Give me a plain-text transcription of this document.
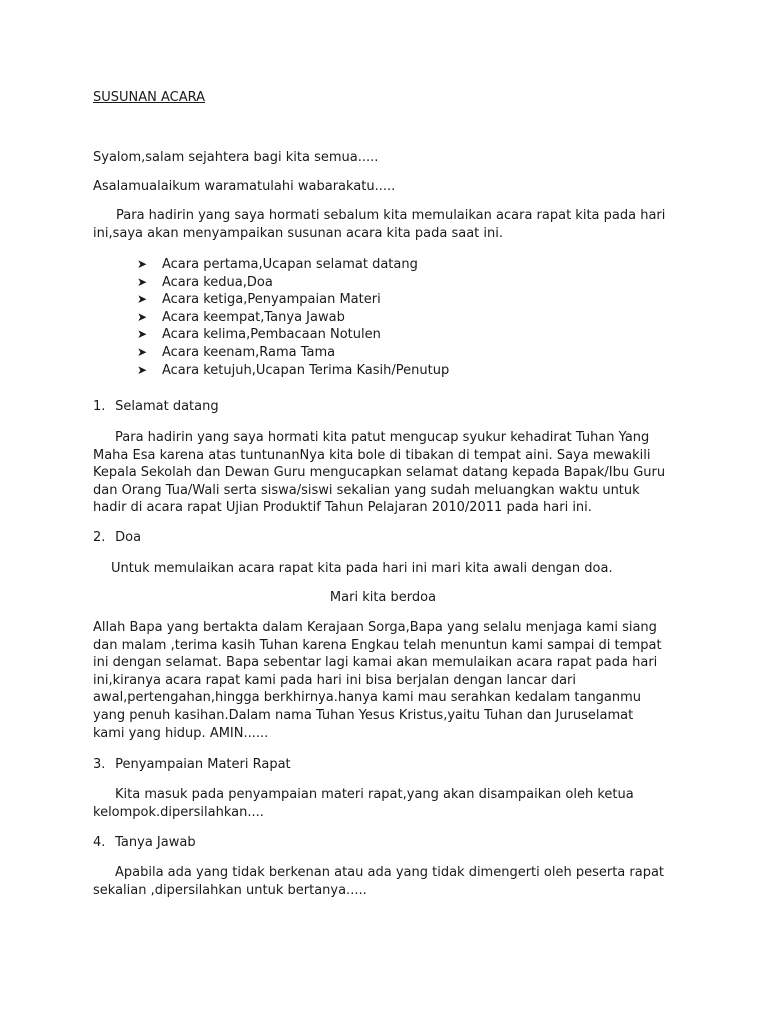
SUSUNAN ACARA

Syalom,salam sejahtera bagi kita semua.....

Asalamualaikum waramatulahi wabarakatu.....

Para hadirin yang saya hormati sebalum kita memulaikan acara rapat kita pada hari ini,saya akan menyampaikan susunan acara kita pada saat ini.

➤ Acara pertama,Ucapan selamat datang
➤ Acara kedua,Doa
➤ Acara ketiga,Penyampaian Materi
➤ Acara keempat,Tanya Jawab
➤ Acara kelima,Pembacaan Notulen
➤ Acara keenam,Rama Tama
➤ Acara ketujuh,Ucapan Terima Kasih/Penutup

1. Selamat datang

Para hadirin yang saya hormati kita patut mengucap syukur kehadirat Tuhan Yang Maha Esa karena atas tuntunanNya kita bole di tibakan di tempat aini. Saya mewakili Kepala Sekolah dan Dewan Guru mengucapkan selamat datang kepada Bapak/Ibu Guru dan Orang Tua/Wali serta siswa/siswi sekalian yang sudah meluangkan waktu untuk hadir di acara rapat Ujian Produktif Tahun Pelajaran 2010/2011 pada hari ini.

2. Doa

Untuk memulaikan acara rapat kita pada hari ini mari kita awali dengan doa.

Mari kita berdoa

Allah Bapa yang bertakta dalam Kerajaan Sorga,Bapa yang selalu menjaga kami siang dan malam ,terima kasih Tuhan karena Engkau telah menuntun kami sampai di tempat ini dengan selamat. Bapa sebentar lagi kamai akan memulaikan acara rapat pada hari ini,kiranya acara rapat kami pada hari ini bisa berjalan dengan lancar dari awal,pertengahan,hingga berkhirnya.hanya kami mau serahkan kedalam tanganmu yang penuh kasihan.Dalam nama Tuhan Yesus Kristus,yaitu Tuhan dan Juruselamat kami yang hidup. AMIN......

3. Penyampaian Materi Rapat

Kita masuk pada penyampaian materi rapat,yang akan disampaikan oleh ketua kelompok.dipersilahkan....

4. Tanya Jawab

Apabila ada yang tidak berkenan atau ada yang tidak dimengerti oleh peserta rapat sekalian ,dipersilahkan untuk bertanya.....
